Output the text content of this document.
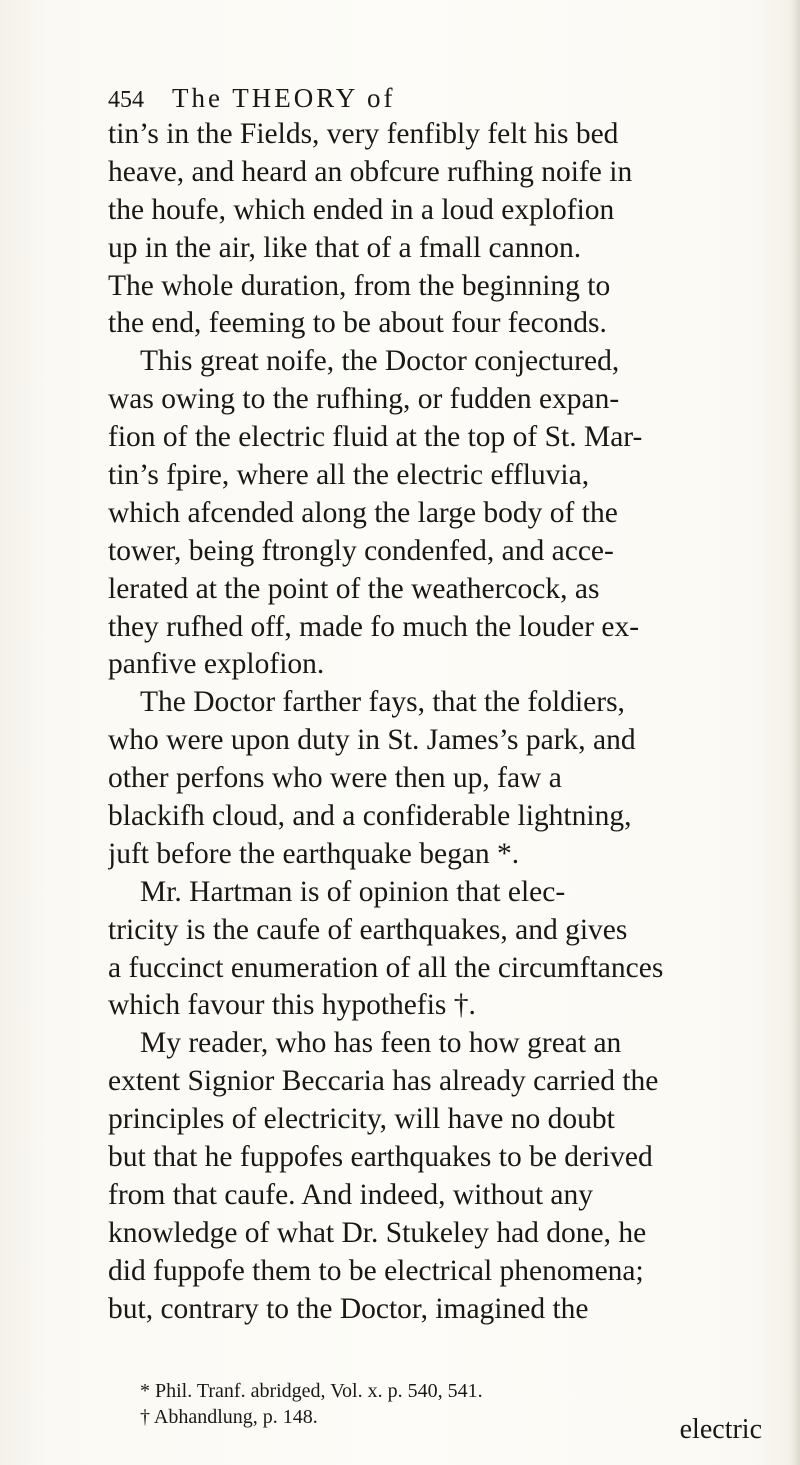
454 The THEORY of
tin’s in the Fields, very fenfibly felt his bed
heave, and heard an obfcure rufhing noife in
the houfe, which ended in a loud explofion
up in the air, like that of a fmall cannon.
The whole duration, from the beginning to
the end, feeming to be about four feconds.
This great noife, the Doctor conjectured,
was owing to the rufhing, or fudden expan-
fion of the electric fluid at the top of St. Mar-
tin’s fpire, where all the electric effluvia,
which afcended along the large body of the
tower, being ftrongly condenfed, and acce-
lerated at the point of the weathercock, as
they rufhed off, made fo much the louder ex-
panfive explofion.
The Doctor farther fays, that the foldiers,
who were upon duty in St. James’s park, and
other perfons who were then up, faw a
blackifh cloud, and a confiderable lightning,
juft before the earthquake began *.
Mr. Hartman is of opinion that elec-
tricity is the caufe of earthquakes, and gives
a fuccinct enumeration of all the circumftances
which favour this hypothefis †.
My reader, who has feen to how great an
extent Signior Beccaria has already carried the
principles of electricity, will have no doubt
but that he fuppofes earthquakes to be derived
from that caufe. And indeed, without any
knowledge of what Dr. Stukeley had done, he
did fuppofe them to be electrical phenomena;
but, contrary to the Doctor, imagined the
* Phil. Tranf. abridged, Vol. x. p. 540, 541.
† Abhandlung, p. 148.	electric
